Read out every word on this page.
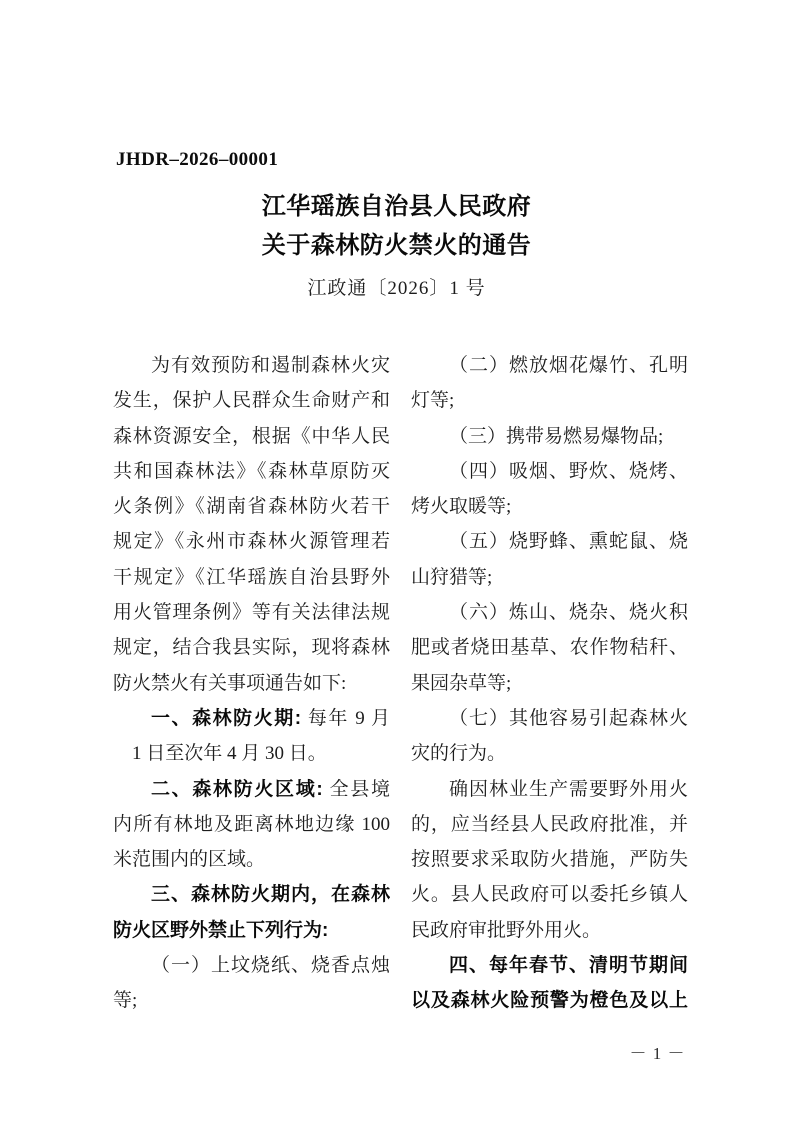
JHDR–2026–00001
江华瑶族自治县人民政府
关于森林防火禁火的通告
江政通〔2026〕1 号
为有效预防和遏制森林火灾
发生，保护人民群众生命财产和
森林资源安全，根据《中华人民
共和国森林法》《森林草原防灭
火条例》《湖南省森林防火若干
规定》《永州市森林火源管理若
干规定》《江华瑶族自治县野外
用火管理条例》等有关法律法规
规定，结合我县实际，现将森林
防火禁火有关事项通告如下:
一、森林防火期: 每年 9 月
1 日至次年 4 月 30 日。
二、森林防火区域: 全县境
内所有林地及距离林地边缘 100
米范围内的区域。
三、森林防火期内，在森林
防火区野外禁止下列行为:
（一）上坟烧纸、烧香点烛
等;
（二）燃放烟花爆竹、孔明
灯等;
（三）携带易燃易爆物品;
（四）吸烟、野炊、烧烤、
烤火取暖等;
（五）烧野蜂、熏蛇鼠、烧
山狩猎等;
（六）炼山、烧杂、烧火积
肥或者烧田基草、农作物秸秆、
果园杂草等;
（七）其他容易引起森林火
灾的行为。
确因林业生产需要野外用火
的，应当经县人民政府批准，并
按照要求采取防火措施，严防失
火。县人民政府可以委托乡镇人
民政府审批野外用火。
四、每年春节、清明节期间
以及森林火险预警为橙色及以上
－ 1 －
